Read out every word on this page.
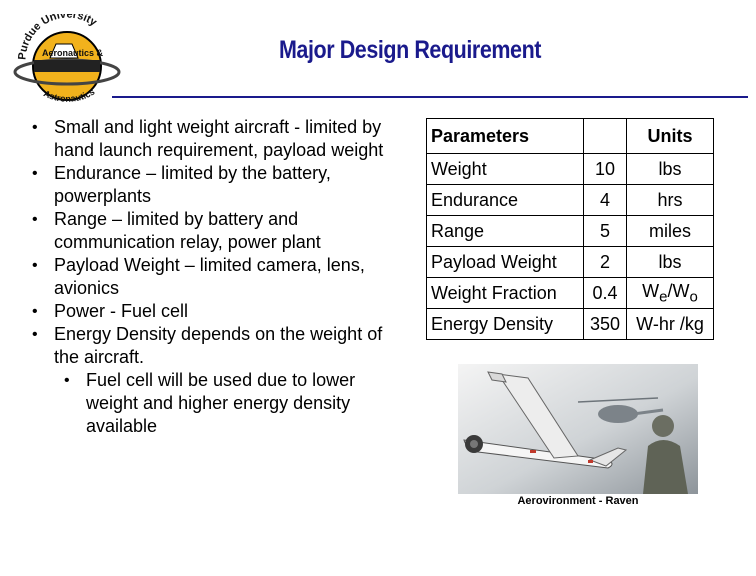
Purdue University
Aeronautics &
Astronautics
Major Design Requirement

• Small and light weight aircraft - limited by hand launch requirement, payload weight

• Endurance – limited by the battery, powerplants

• Range – limited by battery and communication relay, power plant

• Payload Weight – limited camera, lens, avionics

• Power - Fuel cell

• Energy Density depends on the weight of the aircraft.

• Fuel cell will be used due to lower weight and higher energy density available

Parameters		Units
Weight	10	lbs
Endurance	4	hrs
Range	5	miles
Payload Weight	2	lbs
Weight Fraction	0.4	$W_e/W_o$
Energy Density	350	W-hr /kg
Aerovironment - Raven
